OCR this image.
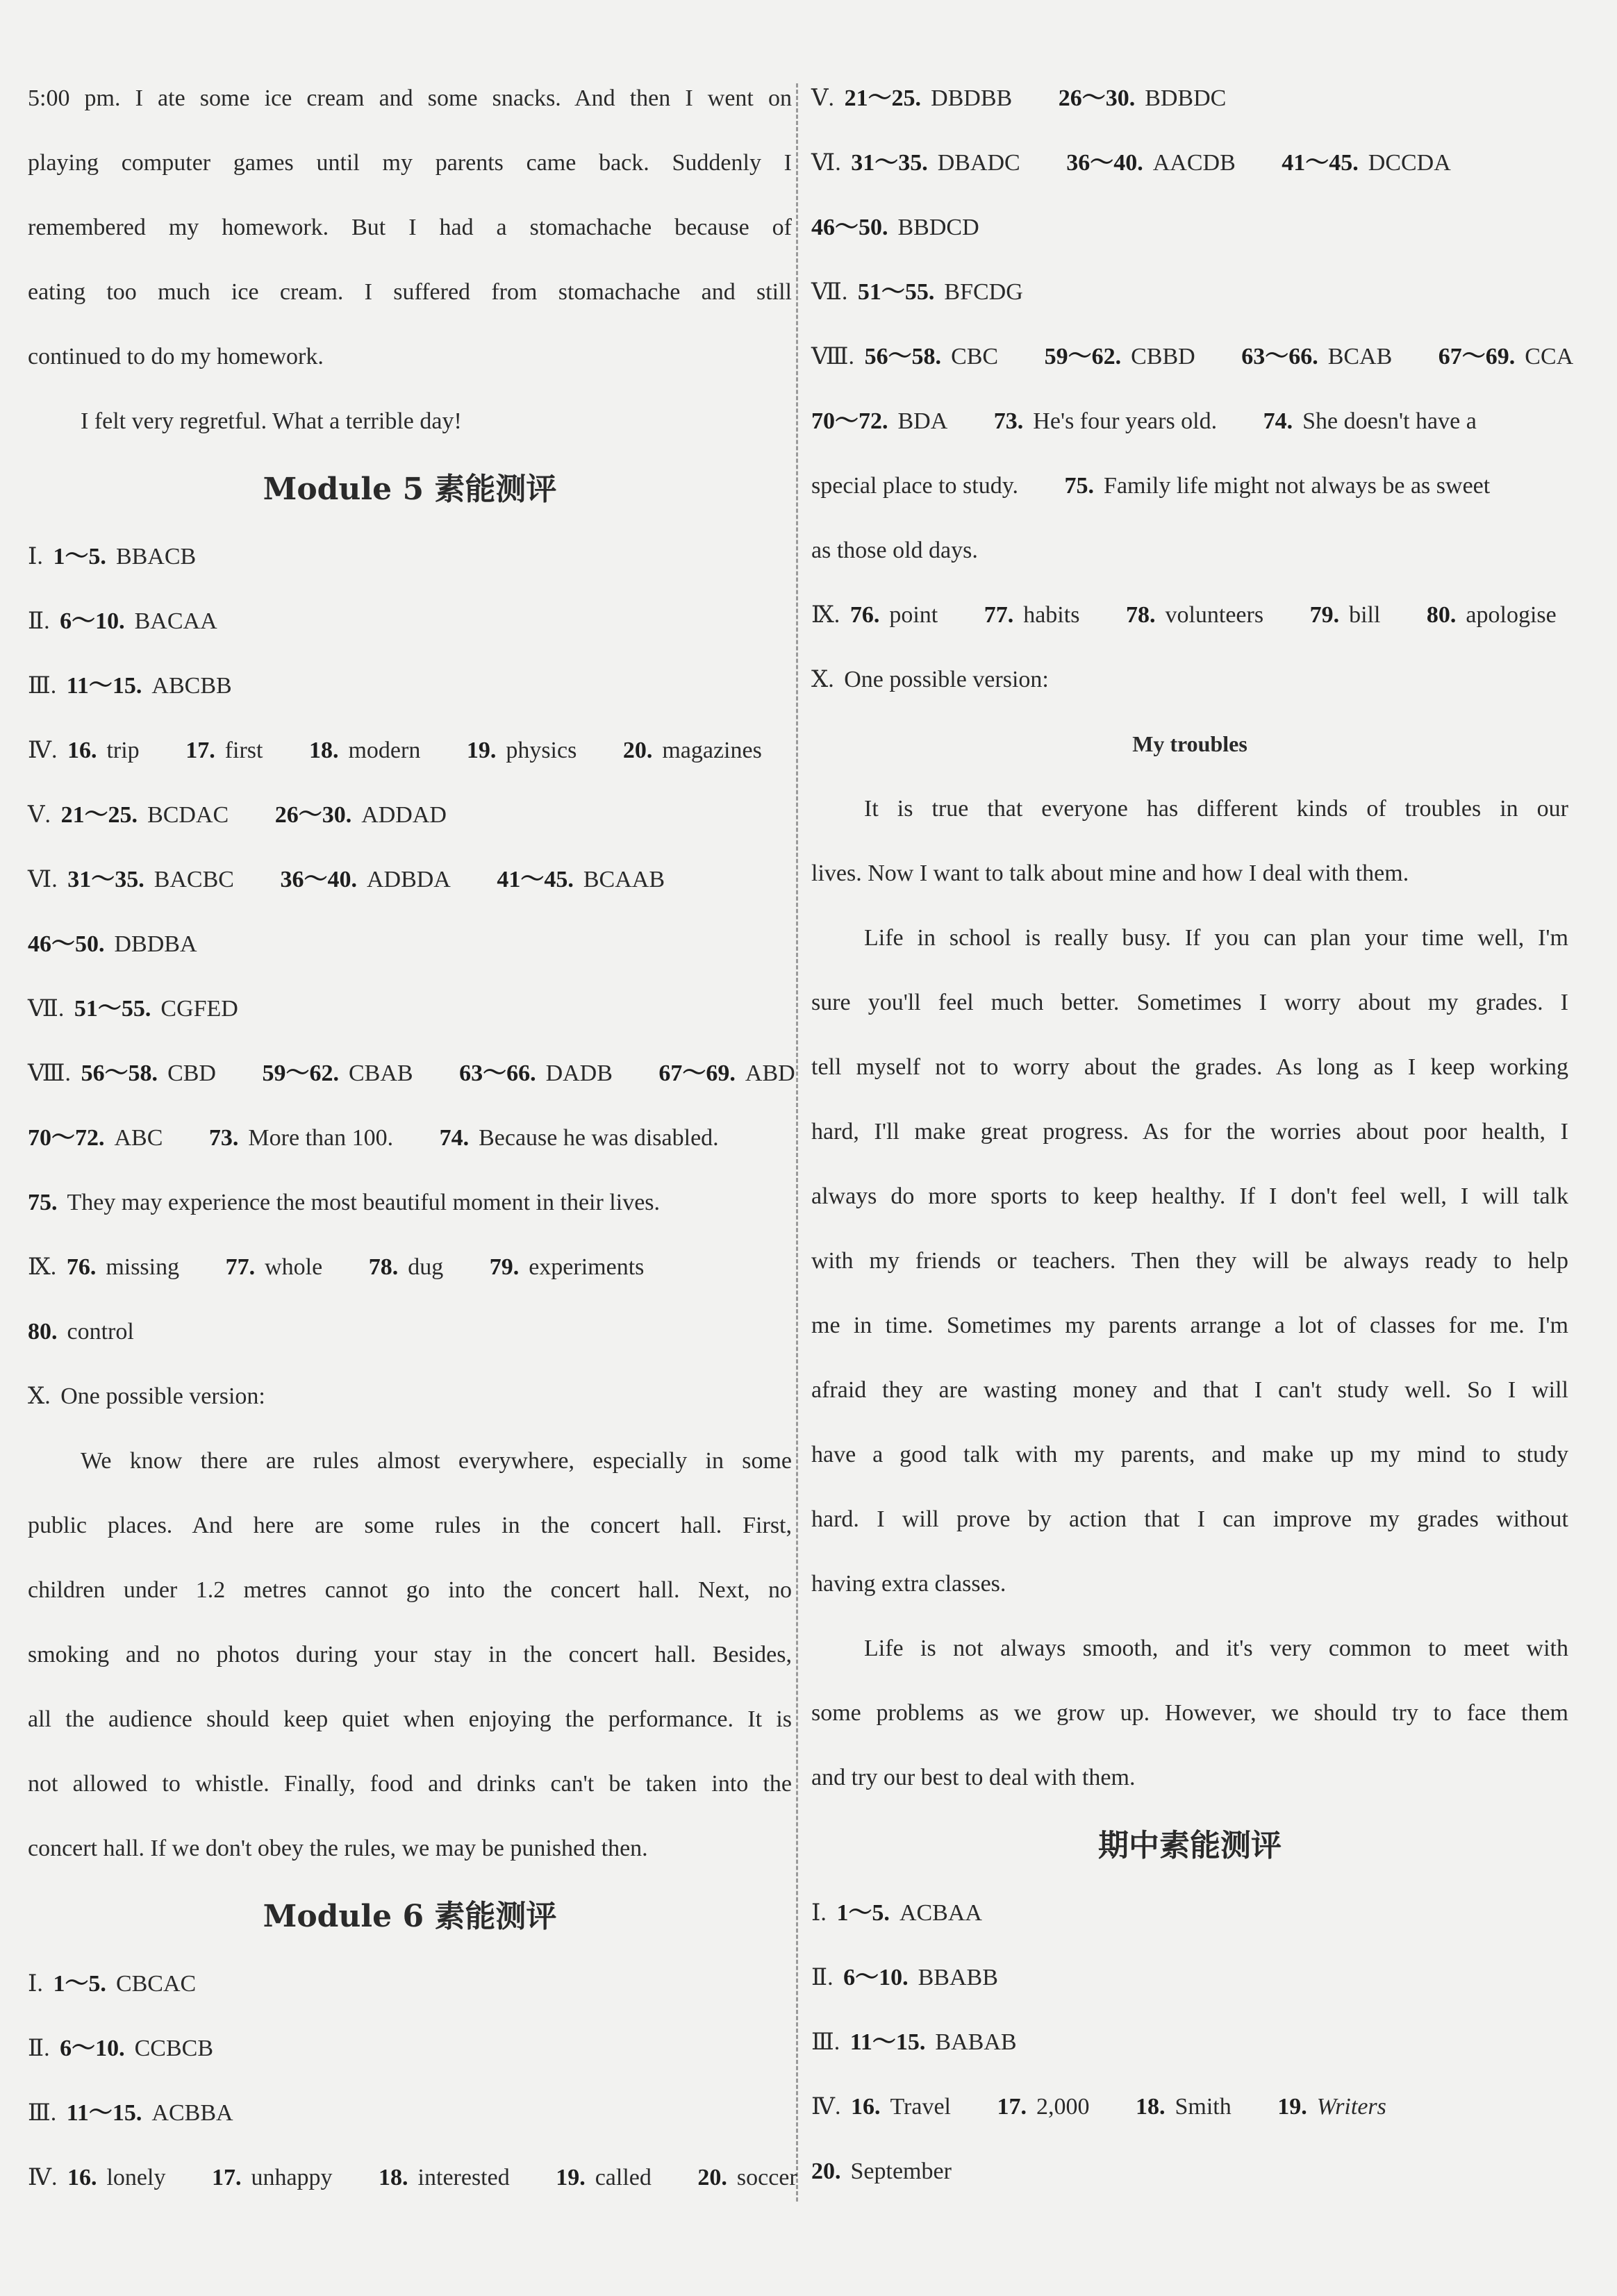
5:00 pm. I ate some ice cream and some snacks. And then I went on
playing computer games until my parents came back. Suddenly I
remembered my homework. But I had a stomachache because of
eating too much ice cream. I suffered from stomachache and still
continued to do my homework.
I felt very regretful. What a terrible day!
Module 5 素能测评
Ⅰ. 1～5. BBACB
Ⅱ. 6～10. BACAA
Ⅲ. 11～15. ABCBB
Ⅳ. 16. trip 17. first 18. modern 19. physics 20. magazines
Ⅴ. 21～25. BCDAC 26～30. ADDAD
Ⅵ. 31～35. BACBC 36～40. ADBDA 41～45. BCAAB
46～50. DBDBA
Ⅶ. 51～55. CGFED
Ⅷ. 56～58. CBD 59～62. CBAB 63～66. DADB 67～69. ABD
70～72. ABC 73. More than 100. 74. Because he was disabled.
75. They may experience the most beautiful moment in their lives.
Ⅸ. 76. missing 77. whole 78. dug 79. experiments
80. control
Ⅹ. One possible version:
We know there are rules almost everywhere, especially in some
public places. And here are some rules in the concert hall. First,
children under 1.2 metres cannot go into the concert hall. Next, no
smoking and no photos during your stay in the concert hall. Besides,
all the audience should keep quiet when enjoying the performance. It is
not allowed to whistle. Finally, food and drinks can't be taken into the
concert hall. If we don't obey the rules, we may be punished then.
Module 6 素能测评
Ⅰ. 1～5. CBCAC
Ⅱ. 6～10. CCBCB
Ⅲ. 11～15. ACBBA
Ⅳ. 16. lonely 17. unhappy 18. interested 19. called 20. soccer
Ⅴ. 21～25. DBDBB 26～30. BDBDC
Ⅵ. 31～35. DBADC 36～40. AACDB 41～45. DCCDA
46～50. BBDCD
Ⅶ. 51～55. BFCDG
Ⅷ. 56～58. CBC 59～62. CBBD 63～66. BCAB 67～69. CCA
70～72. BDA 73. He's four years old. 74. She doesn't have a
special place to study. 75. Family life might not always be as sweet
as those old days.
Ⅸ. 76. point 77. habits 78. volunteers 79. bill 80. apologise
Ⅹ. One possible version:
My troubles
It is true that everyone has different kinds of troubles in our
lives. Now I want to talk about mine and how I deal with them.
Life in school is really busy. If you can plan your time well, I'm
sure you'll feel much better. Sometimes I worry about my grades. I
tell myself not to worry about the grades. As long as I keep working
hard, I'll make great progress. As for the worries about poor health, I
always do more sports to keep healthy. If I don't feel well, I will talk
with my friends or teachers. Then they will be always ready to help
me in time. Sometimes my parents arrange a lot of classes for me. I'm
afraid they are wasting money and that I can't study well. So I will
have a good talk with my parents, and make up my mind to study
hard. I will prove by action that I can improve my grades without
having extra classes.
Life is not always smooth, and it's very common to meet with
some problems as we grow up. However, we should try to face them
and try our best to deal with them.
期中素能测评
Ⅰ. 1～5. ACBAA
Ⅱ. 6～10. BBABB
Ⅲ. 11～15. BABAB
Ⅳ. 16. Travel 17. 2,000 18. Smith 19. Writers
20. September
